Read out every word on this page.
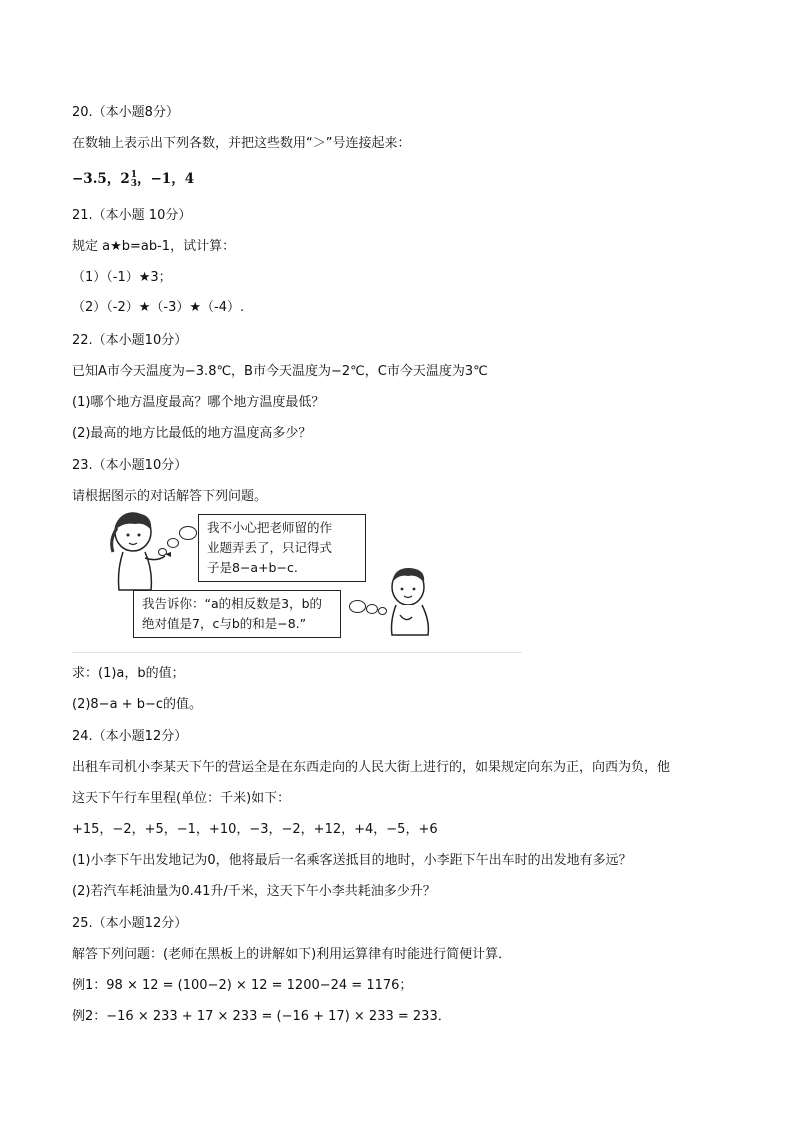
20.（本小题8分）
在数轴上表示出下列各数，并把这些数用“＞”号连接起来：
−3.5，2 1
3 ，−1，4
21.（本小题 10分）
规定 a★b=ab-1，试计算：
（1）（-1）★3；
（2）（-2）★（-3）★（-4）.
22.（本小题10分）
已知A市今天温度为−3.8℃，B市今天温度为−2℃，C市今天温度为3℃
(1)哪个地方温度最高？哪个地方温度最低？
(2)最高的地方比最低的地方温度高多少？
23.（本小题10分）
请根据图示的对话解答下列问题。
我不小心把老师留的作
业题弄丢了，只记得式
子是8−a+b−c.
我告诉你：“a的相反数是3，b的
绝对值是7，c与b的和是−8.”
求：(1)a，b的值；
(2)8−a + b−c的值。
24.（本小题12分）
出租车司机小李某天下午的营运全是在东西走向的人民大街上进行的，如果规定向东为正，向西为负，他
这天下午行车里程(单位：千米)如下：
+15，−2，+5，−1，+10，−3，−2，+12，+4，−5，+6
(1)小李下午出发地记为0，他将最后一名乘客送抵目的地时，小李距下午出车时的出发地有多远？
(2)若汽车耗油量为0.41升/千米，这天下午小李共耗油多少升？
25.（本小题12分）
解答下列问题：(老师在黑板上的讲解如下)利用运算律有时能进行简便计算．
例1：98 × 12 = (100−2) × 12 = 1200−24 = 1176；
例2：−16 × 233 + 17 × 233 = (−16 + 17) × 233 = 233．
